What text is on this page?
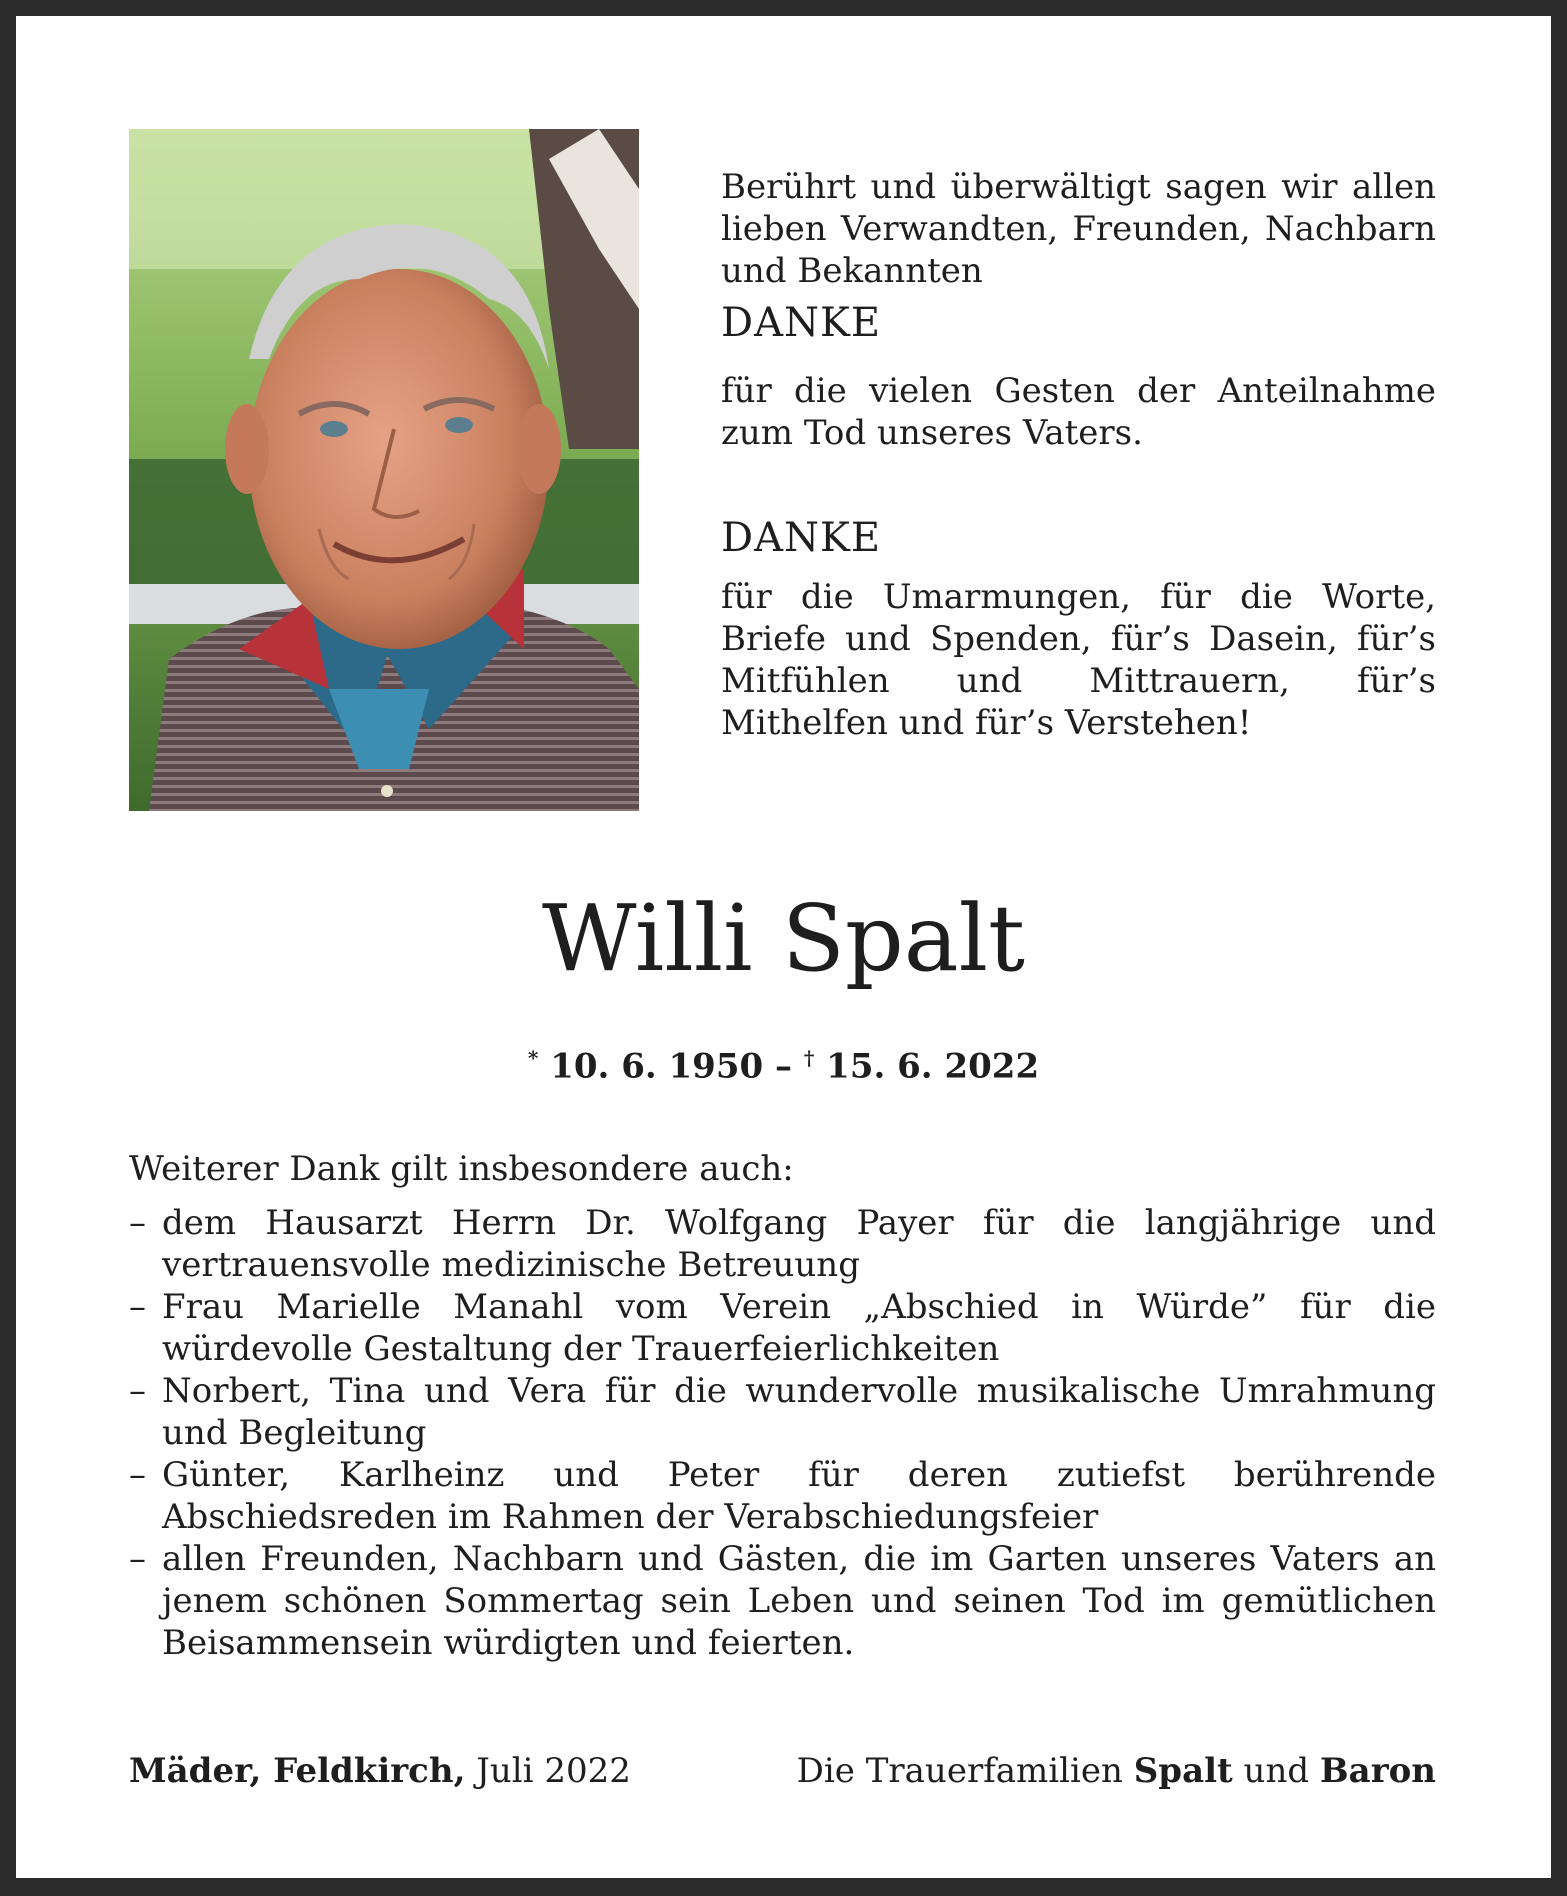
Berührt und überwältigt sagen wir allen lieben Verwandten, Freunden, Nachbarn und Bekannten

DANKE

für die vielen Gesten der Anteilnahme zum Tod unseres Vaters.

DANKE

für die Umarmungen, für die Worte, Briefe und Spenden, für’s Dasein, für’s Mitfühlen und Mittrauern, für’s Mithelfen und für’s Verstehen!

Willi Spalt
* 10. 6. 1950 – † 15. 6. 2022

Weiterer Dank gilt insbesondere auch:

– dem Hausarzt Herrn Dr. Wolfgang Payer für die langjährige und vertrauensvolle medizinische Betreuung
– Frau Marielle Manahl vom Verein „Abschied in Würde” für die würdevolle Gestaltung der Trauerfeierlichkeiten
– Norbert, Tina und Vera für die wundervolle musikalische Umrahmung und Begleitung
– Günter, Karlheinz und Peter für deren zutiefst berührende Abschiedsreden im Rahmen der Verabschiedungsfeier
– allen Freunden, Nachbarn und Gästen, die im Garten unseres Vaters an jenem schönen Sommertag sein Leben und seinen Tod im gemütlichen Beisammensein würdigten und feierten.
Mäder, Feldkirch, Juli 2022	Die Trauerfamilien Spalt und Baron
